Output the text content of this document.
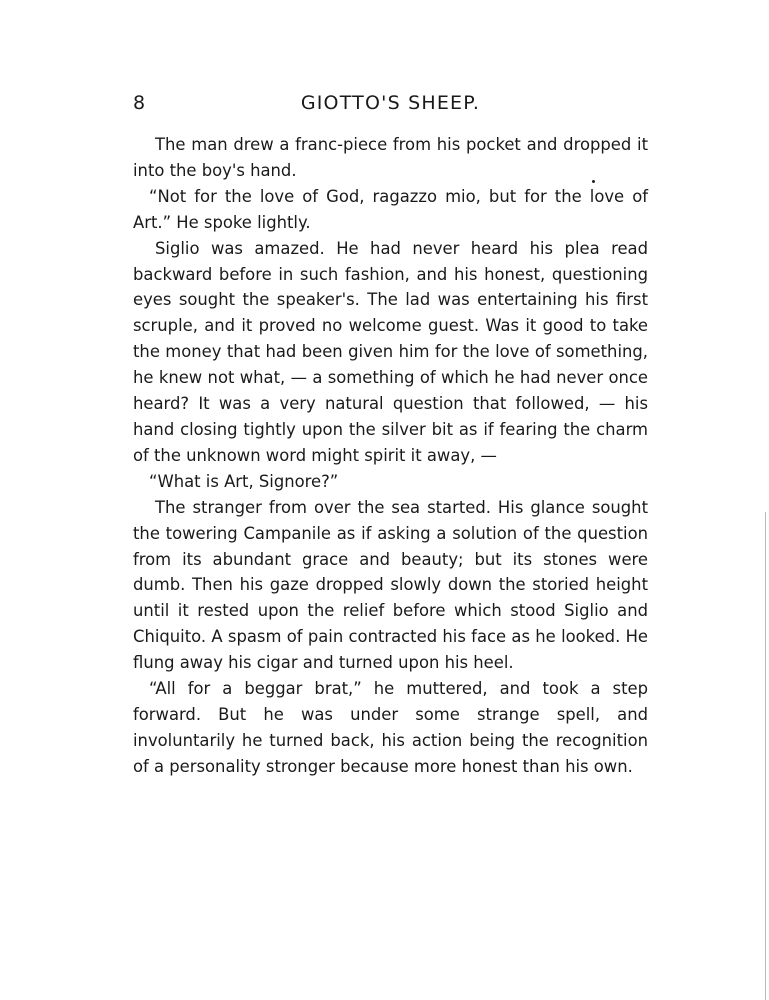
8	GIOTTO'S SHEEP.

The man drew a franc-piece from his pocket and dropped it into the boy's hand.

“Not for the love of God, ragazzo mio, but for the love of Art.” He spoke lightly.

Siglio was amazed. He had never heard his plea read backward before in such fashion, and his honest, questioning eyes sought the speaker's. The lad was entertaining his first scruple, and it proved no welcome guest. Was it good to take the money that had been given him for the love of something, he knew not what, — a something of which he had never once heard? It was a very natural question that followed, — his hand closing tightly upon the silver bit as if fearing the charm of the unknown word might spirit it away, —

“What is Art, Signore?”

The stranger from over the sea started. His glance sought the towering Campanile as if asking a solution of the question from its abundant grace and beauty; but its stones were dumb. Then his gaze dropped slowly down the storied height until it rested upon the relief before which stood Siglio and Chiquito. A spasm of pain contracted his face as he looked. He flung away his cigar and turned upon his heel.

“All for a beggar brat,” he muttered, and took a step forward. But he was under some strange spell, and involuntarily he turned back, his action being the recognition of a personality stronger because more honest than his own.
